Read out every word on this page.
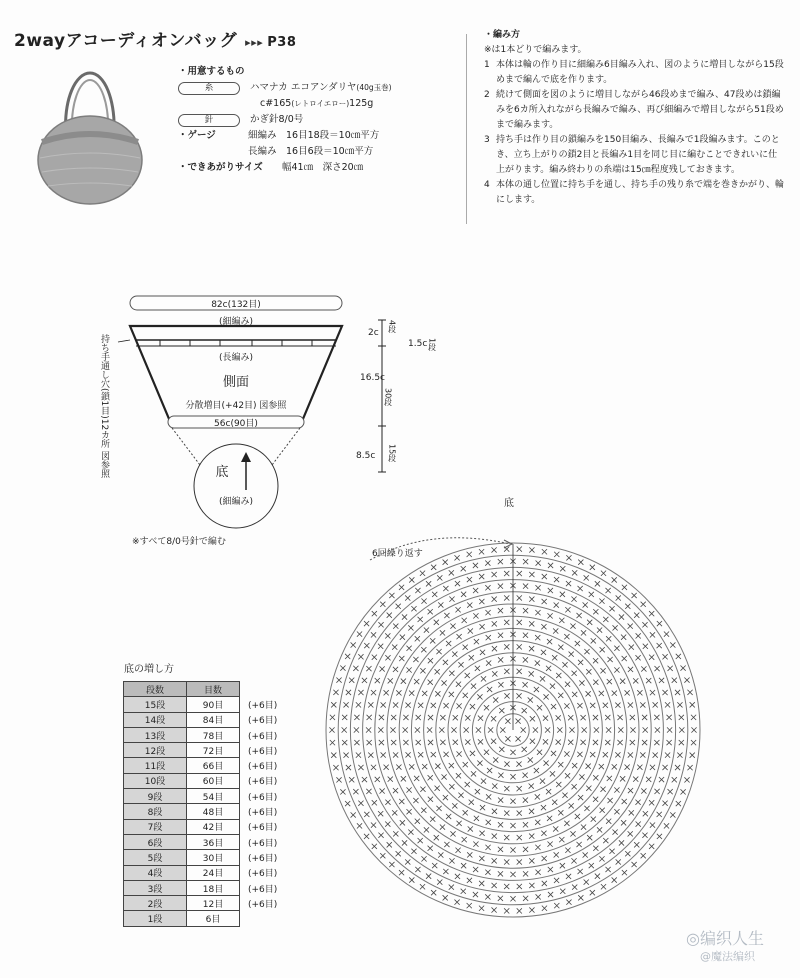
2wayアコーディオンバッグ ▸▸▸ P38
・用意するもの
糸	ハマナカ エコアンダリヤ(40g玉巻)
c#165(レトロイエロー)125g
針	かぎ針8/0号
・ゲージ	細編み　16目18段＝10㎝平方
長編み　16目6段＝10㎝平方
・できあがりサイズ 幅41㎝　深さ20㎝
・編み方
※は1本どりで編みます。
1 本体は輪の作り目に細編み6目編み入れ、図のように増目しながら15段めまで編んで底を作ります。
2 続けて側面を図のように増目しながら46段めまで編み、47段めは鎖編みを6カ所入れながら長編みで編み、再び細編みで増目しながら51段めまで編みます。
3 持ち手は作り目の鎖編みを150目編み、長編みで1段編みます。このとき、立ち上がりの鎖2目と長編み1目を同じ目に編むことできれいに仕上がります。編み終わりの糸端は15㎝程度残しておきます。
4 本体の通し位置に持ち手を通し、持ち手の残り糸で端を巻きかがり、輪にします。
82c(132目)
(細編み)
(長編み)
側面
分散増目(+42目) 図参照
56c(90目)
底
(細編み)
持ち手通し穴(鎖1目)12カ所 図参照
2c 4段
1.5c 1段
16.5c
30段
8.5c 15段
※すべて8/0号針で編む
底
6回繰り返す
底の増し方
段数	目数	
15段	90目	(+6目)
14段	84目	(+6目)
13段	78目	(+6目)
12段	72目	(+6目)
11段	66目	(+6目)
10段	60目	(+6目)
9段	54目	(+6目)
8段	48目	(+6目)
7段	42目	(+6目)
6段	36目	(+6目)
5段	30目	(+6目)
4段	24目	(+6目)
3段	18目	(+6目)
2段	12目	(+6目)
1段	6目	
◎编织人生
@魔法编织
